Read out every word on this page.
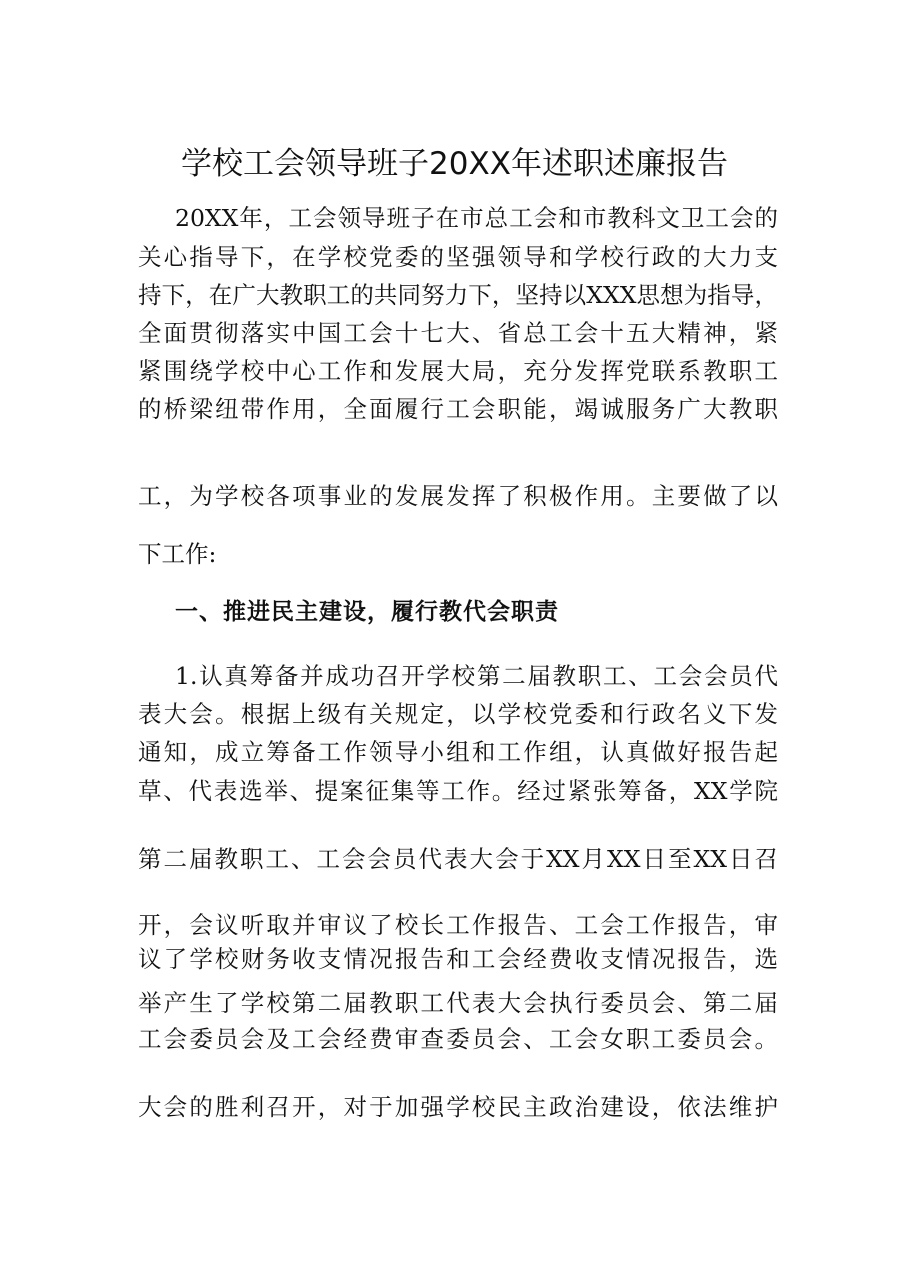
学校工会领导班子20XX年述职述廉报告
20XX年，工会领导班子在市总工会和市教科文卫工会的
关心指导下，在学校党委的坚强领导和学校行政的大力支
持下，在广大教职工的共同努力下，坚持以XXX思想为指导，
全面贯彻落实中国工会十七大、省总工会十五大精神，紧
紧围绕学校中心工作和发展大局，充分发挥党联系教职工
的桥梁纽带作用，全面履行工会职能，竭诚服务广大教职
工，为学校各项事业的发展发挥了积极作用。主要做了以
下工作:
一、推进民主建设，履行教代会职责
1.认真筹备并成功召开学校第二届教职工、工会会员代
表大会。根据上级有关规定，以学校党委和行政名义下发
通知，成立筹备工作领导小组和工作组，认真做好报告起
草、代表选举、提案征集等工作。经过紧张筹备，XX学院
第二届教职工、工会会员代表大会于XX月XX日至XX日召
开，会议听取并审议了校长工作报告、工会工作报告，审
议了学校财务收支情况报告和工会经费收支情况报告，选
举产生了学校第二届教职工代表大会执行委员会、第二届
工会委员会及工会经费审查委员会、工会女职工委员会。
大会的胜利召开，对于加强学校民主政治建设，依法维护
